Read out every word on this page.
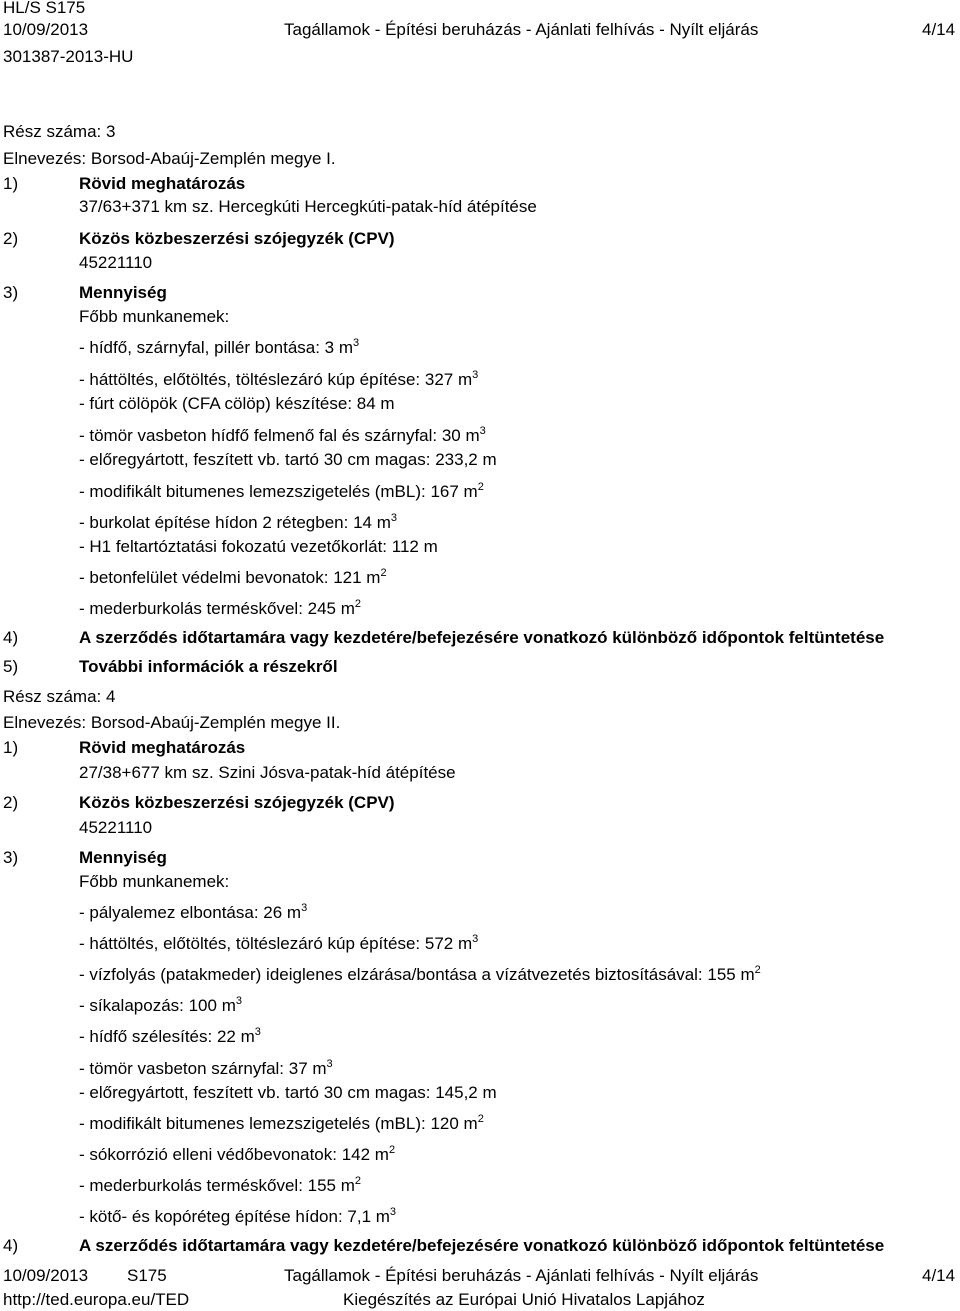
HL/S S175
10/09/2013
301387-2013-HU
Tagállamok - Építési beruházás - Ajánlati felhívás - Nyílt eljárás	4/14
Rész száma: 3
Elnevezés: Borsod-Abaúj-Zemplén megye I.
1)	Rövid meghatározás
37/63+371 km sz. Hercegkúti Hercegkúti-patak-híd átépítése
2)	Közös közbeszerzési szójegyzék (CPV)
45221110
3)	Mennyiség
Főbb munkanemek:
- hídfő, szárnyfal, pillér bontása: 3 $m^3$
- háttöltés, előtöltés, töltéslezáró kúp építése: 327 $m^3$
- fúrt cölöpök (CFA cölöp) készítése: 84 m
- tömör vasbeton hídfő felmenő fal és szárnyfal: 30 $m^3$
- előregyártott, feszített vb. tartó 30 cm magas: 233,2 m
- modifikált bitumenes lemezszigetelés (mBL): 167 $m^2$
- burkolat építése hídon 2 rétegben: 14 $m^3$
- H1 feltartóztatási fokozatú vezetőkorlát: 112 m
- betonfelület védelmi bevonatok: 121 $m^2$
- mederburkolás terméskővel: 245 $m^2$
4)	A szerződés időtartamára vagy kezdetére/befejezésére vonatkozó különböző időpontok feltüntetése
5)	További információk a részekről
Rész száma: 4
Elnevezés: Borsod-Abaúj-Zemplén megye II.
1)	Rövid meghatározás
27/38+677 km sz. Szini Jósva-patak-híd átépítése
2)	Közös közbeszerzési szójegyzék (CPV)
45221110
3)	Mennyiség
Főbb munkanemek:
- pályalemez elbontása: 26 $m^3$
- háttöltés, előtöltés, töltéslezáró kúp építése: 572 $m^3$
- vízfolyás (patakmeder) ideiglenes elzárása/bontása a vízátvezetés biztosításával: 155 $m^2$
- síkalapozás: 100 $m^3$
- hídfő szélesítés: 22 $m^3$
- tömör vasbeton szárnyfal: 37 $m^3$
- előregyártott, feszített vb. tartó 30 cm magas: 145,2 m
- modifikált bitumenes lemezszigetelés (mBL): 120 $m^2$
- sókorrózió elleni védőbevonatok: 142 $m^2$
- mederburkolás terméskővel: 155 $m^2$
- kötő- és kopóréteg építése hídon: 7,1 $m^3$
4)	A szerződés időtartamára vagy kezdetére/befejezésére vonatkozó különböző időpontok feltüntetése
10/09/2013 S175	Tagállamok - Építési beruházás - Ajánlati felhívás - Nyílt eljárás	4/14
http://ted.europa.eu/TED	Kiegészítés az Európai Unió Hivatalos Lapjához
